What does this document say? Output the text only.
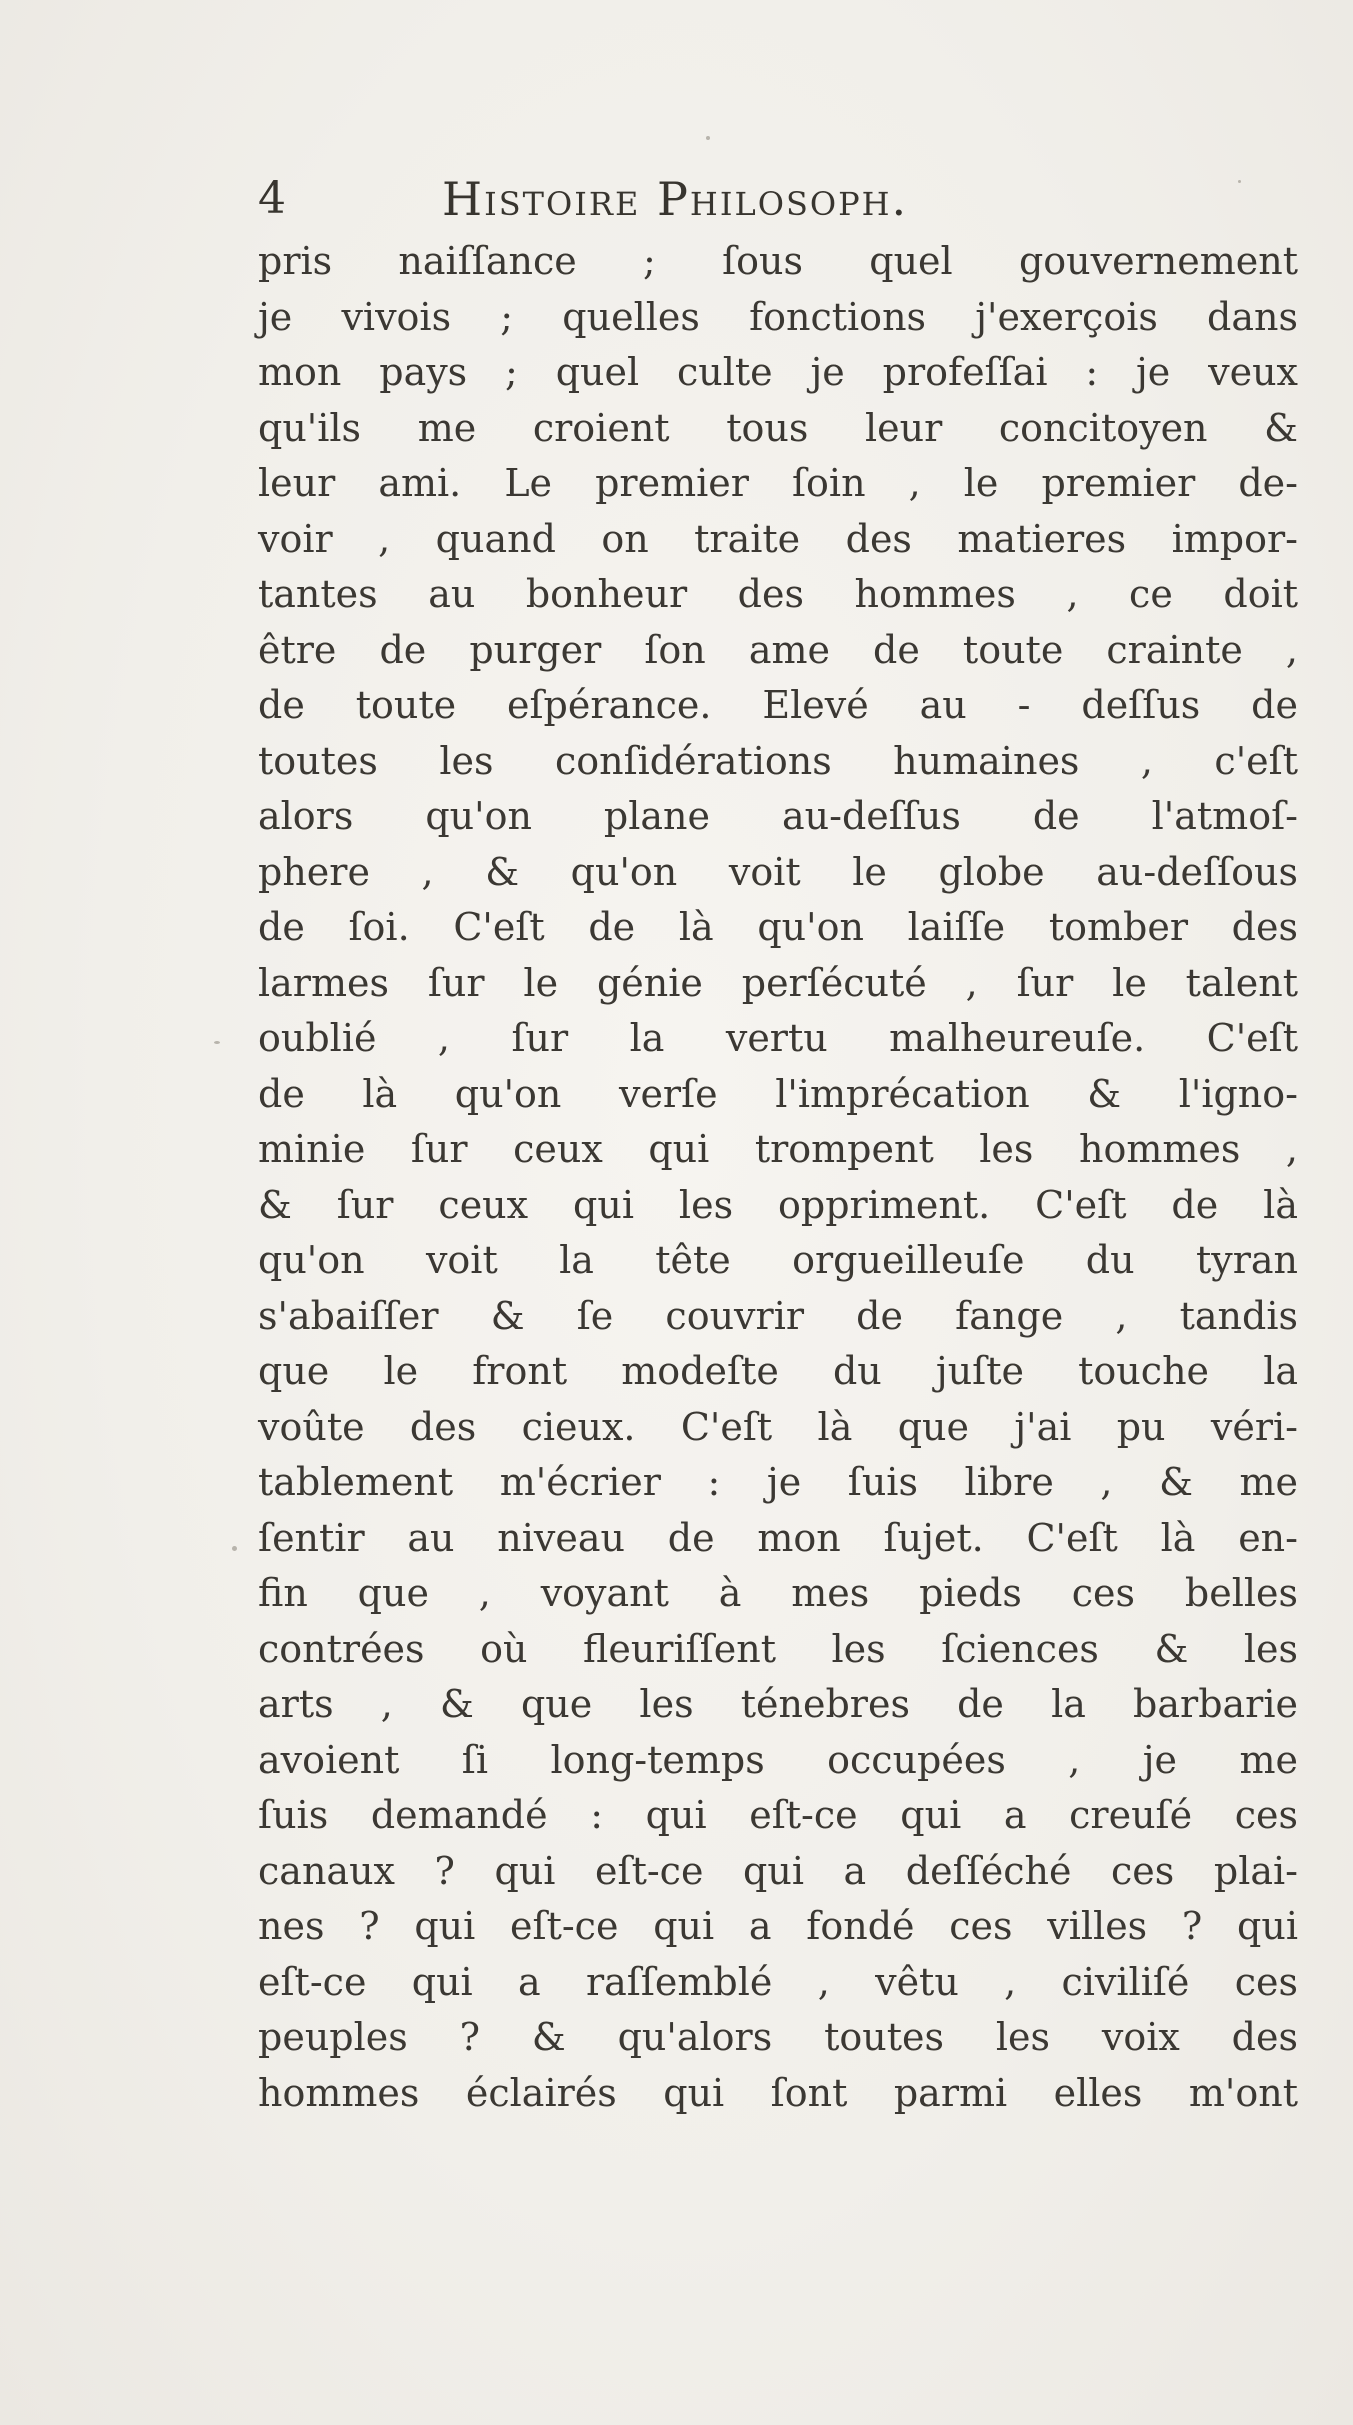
4	Histoire Philosoph.
pris naiſſance ; ſous quel gouvernement
je vivois ; quelles fonctions j'exerçois dans
mon pays ; quel culte je profeſſai : je veux
qu'ils me croient tous leur concitoyen &
leur ami. Le premier ſoin , le premier de-
voir , quand on traite des matieres impor-
tantes au bonheur des hommes , ce doit
être de purger ſon ame de toute crainte ,
de toute eſpérance. Elevé au - deſſus de
toutes les conſidérations humaines , c'eſt
alors qu'on plane au-deſſus de l'atmoſ-
phere , & qu'on voit le globe au-deſſous
de ſoi. C'eſt de là qu'on laiſſe tomber des
larmes ſur le génie perſécuté , ſur le talent
oublié , ſur la vertu malheureuſe. C'eſt
de là qu'on verſe l'imprécation & l'igno-
minie ſur ceux qui trompent les hommes ,
& ſur ceux qui les oppriment. C'eſt de là
qu'on voit la tête orgueilleuſe du tyran
s'abaiſſer & ſe couvrir de fange , tandis
que le front modeſte du juſte touche la
voûte des cieux. C'eſt là que j'ai pu véri-
tablement m'écrier : je ſuis libre , & me
ſentir au niveau de mon ſujet. C'eſt là en-
fin que , voyant à mes pieds ces belles
contrées où fleuriſſent les ſciences & les
arts , & que les ténebres de la barbarie
avoient ſi long-temps occupées , je me
ſuis demandé : qui eſt-ce qui a creuſé ces
canaux ? qui eſt-ce qui a deſſéché ces plai-
nes ? qui eſt-ce qui a fondé ces villes ? qui
eſt-ce qui a raſſemblé , vêtu , civiliſé ces
peuples ? & qu'alors toutes les voix des
hommes éclairés qui ſont parmi elles m'ont
